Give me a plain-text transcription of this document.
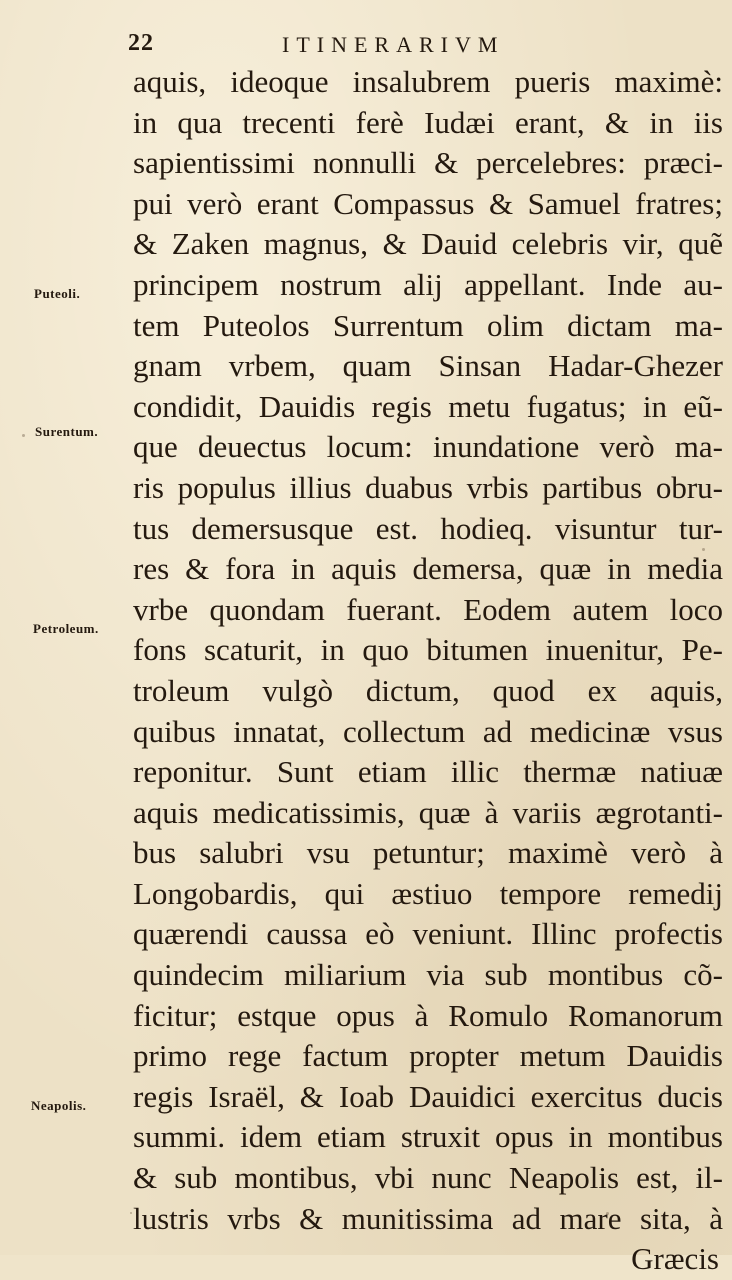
22	ITINERARIVM
Puteoli.
Surentum.
Petroleum.
Neapolis.
aquis, ideoque insalubrem pueris maximè:
in qua trecenti ferè Iudæi erant, & in iis
sapientissimi nonnulli & percelebres: præci-
pui verò erant Compassus & Samuel fratres;
& Zaken magnus, & Dauid celebris vir, quẽ
principem nostrum alij appellant. Inde au-
tem Puteolos Surrentum olim dictam ma-
gnam vrbem, quam Sinsan Hadar-Ghezer
condidit, Dauidis regis metu fugatus; in eũ-
que deuectus locum: inundatione verò ma-
ris populus illius duabus vrbis partibus obru-
tus demersusque est. hodieq. visuntur tur-
res & fora in aquis demersa, quæ in media
vrbe quondam fuerant. Eodem autem loco
fons scaturit, in quo bitumen inuenitur, Pe-
troleum vulgò dictum, quod ex aquis,
quibus innatat, collectum ad medicinæ vsus
reponitur. Sunt etiam illic thermæ natiuæ
aquis medicatissimis, quæ à variis ægrotanti-
bus salubri vsu petuntur; maximè verò à
Longobardis, qui æstiuo tempore remedij
quærendi caussa eò veniunt. Illinc profectis
quindecim miliarium via sub montibus cõ-
ficitur; estque opus à Romulo Romanorum
primo rege factum propter metum Dauidis
regis Israël, & Ioab Dauidici exercitus ducis
summi. idem etiam struxit opus in montibus
& sub montibus, vbi nunc Neapolis est, il-
lustris vrbs & munitissima ad mare sita, à
Græcis
